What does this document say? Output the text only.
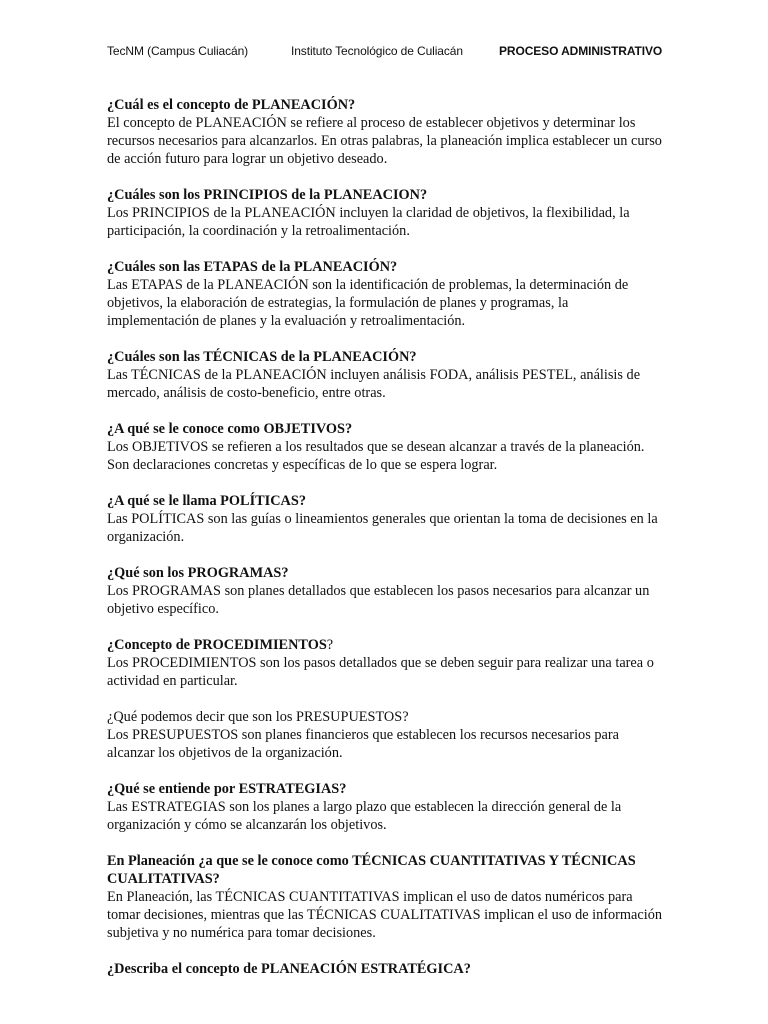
TecNM (Campus Culiacán)	Instituto Tecnológico de Culiacán	PROCESO ADMINISTRATIVO

¿Cuál es el concepto de PLANEACIÓN?

El concepto de PLANEACIÓN se refiere al proceso de establecer objetivos y determinar los recursos necesarios para alcanzarlos. En otras palabras, la planeación implica establecer un curso de acción futuro para lograr un objetivo deseado.

¿Cuáles son los PRINCIPIOS de la PLANEACION?

Los PRINCIPIOS de la PLANEACIÓN incluyen la claridad de objetivos, la flexibilidad, la participación, la coordinación y la retroalimentación.

¿Cuáles son las ETAPAS de la PLANEACIÓN?

Las ETAPAS de la PLANEACIÓN son la identificación de problemas, la determinación de objetivos, la elaboración de estrategias, la formulación de planes y programas, la implementación de planes y la evaluación y retroalimentación.

¿Cuáles son las TÉCNICAS de la PLANEACIÓN?

Las TÉCNICAS de la PLANEACIÓN incluyen análisis FODA, análisis PESTEL, análisis de mercado, análisis de costo-beneficio, entre otras.

¿A qué se le conoce como OBJETIVOS?

Los OBJETIVOS se refieren a los resultados que se desean alcanzar a través de la planeación. Son declaraciones concretas y específicas de lo que se espera lograr.

¿A qué se le llama POLÍTICAS?

Las POLÍTICAS son las guías o lineamientos generales que orientan la toma de decisiones en la organización.

¿Qué son los PROGRAMAS?

Los PROGRAMAS son planes detallados que establecen los pasos necesarios para alcanzar un objetivo específico.

¿Concepto de PROCEDIMIENTOS?

Los PROCEDIMIENTOS son los pasos detallados que se deben seguir para realizar una tarea o actividad en particular.

¿Qué podemos decir que son los PRESUPUESTOS?

Los PRESUPUESTOS son planes financieros que establecen los recursos necesarios para alcanzar los objetivos de la organización.

¿Qué se entiende por ESTRATEGIAS?

Las ESTRATEGIAS son los planes a largo plazo que establecen la dirección general de la organización y cómo se alcanzarán los objetivos.

En Planeación ¿a que se le conoce como TÉCNICAS CUANTITATIVAS Y TÉCNICAS CUALITATIVAS?

En Planeación, las TÉCNICAS CUANTITATIVAS implican el uso de datos numéricos para tomar decisiones, mientras que las TÉCNICAS CUALITATIVAS implican el uso de información subjetiva y no numérica para tomar decisiones.

¿Describa el concepto de PLANEACIÓN ESTRATÉGICA?
